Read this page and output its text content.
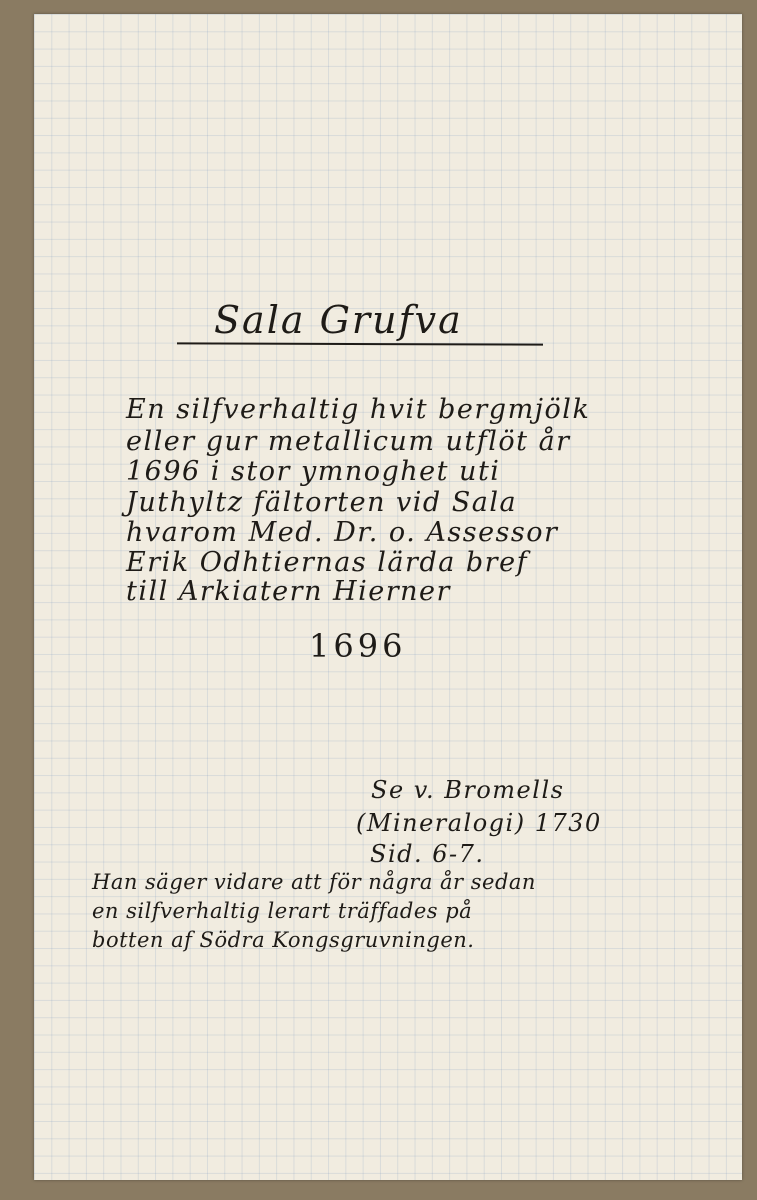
Sala Grufva
En silfverhaltig hvit bergmjölk
eller gur metallicum utflöt år
1696 i stor ymnoghet uti
Juthyltz fältorten vid Sala
hvarom Med. Dr. o. Assessor
Erik Odhtiernas lärda bref
till Arkiatern Hierner
1696
Se v. Bromells
(Mineralogi) 1730
Sid. 6-7.
Han säger vidare att för några år sedan
en silfverhaltig lerart träffades på
botten af Södra Kongsgruvningen.
